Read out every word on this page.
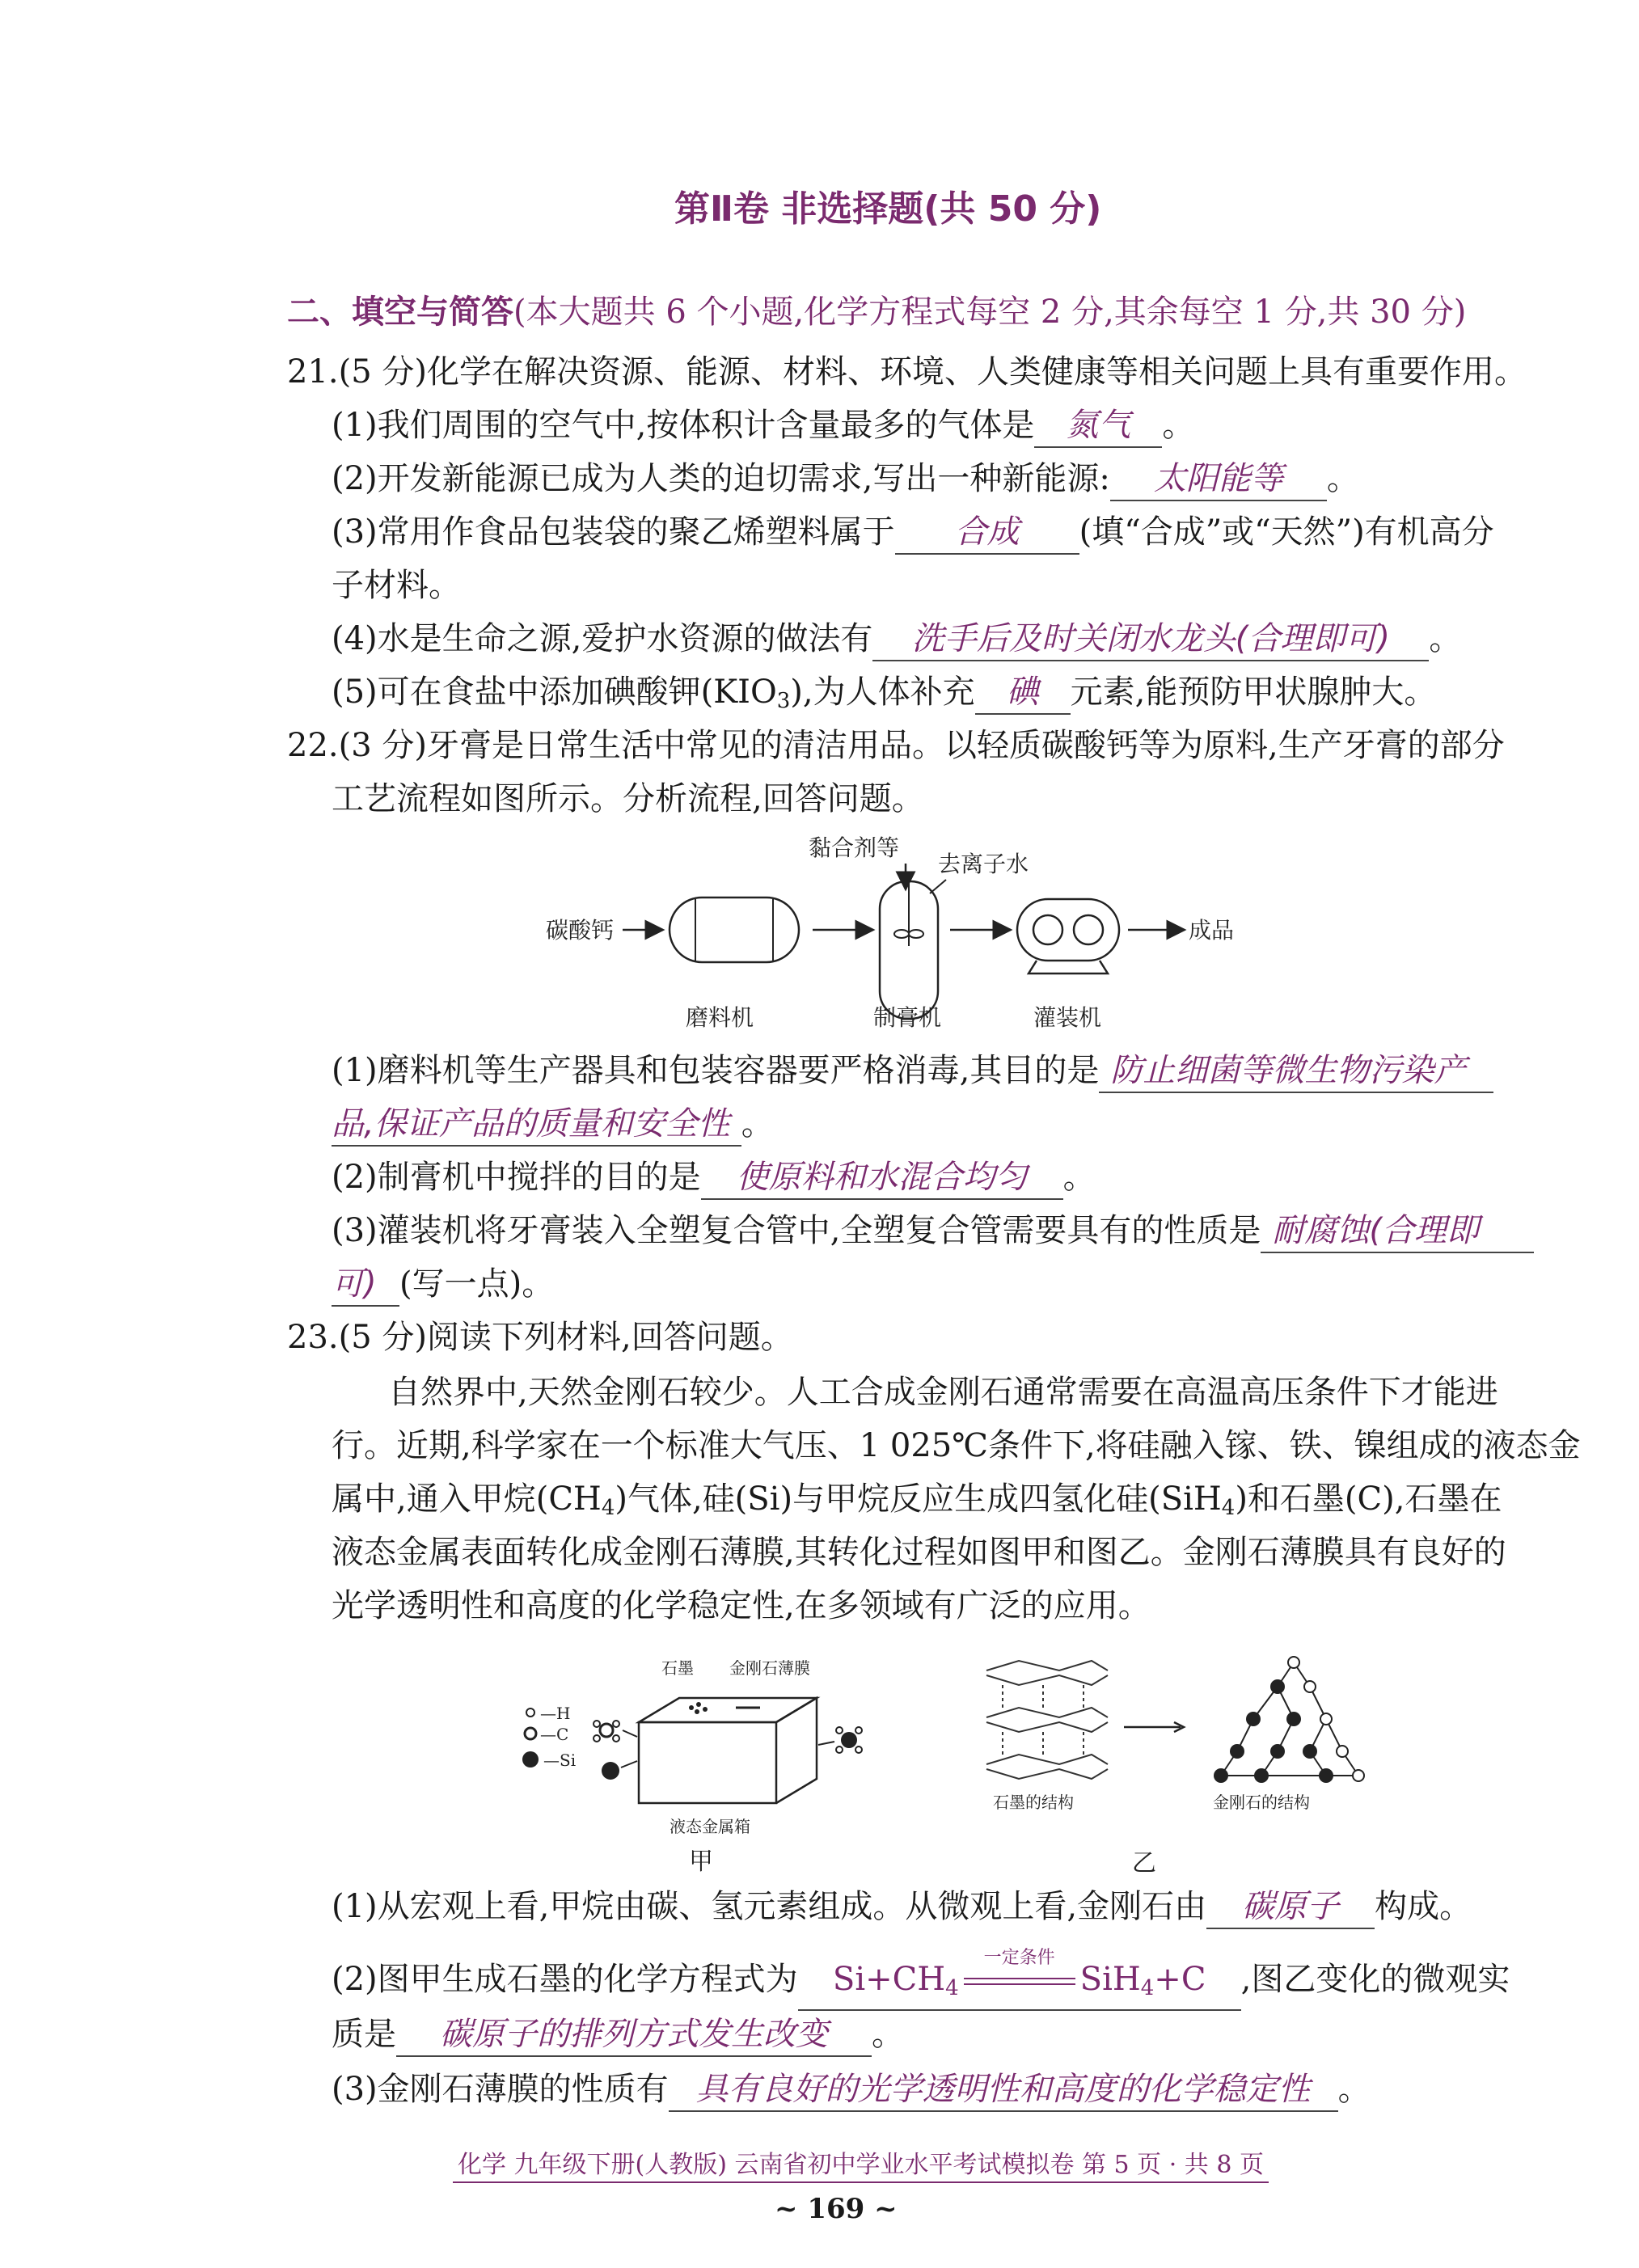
第Ⅱ卷 非选择题(共 50 分)
二、填空与简答(本大题共 6 个小题,化学方程式每空 2 分,其余每空 1 分,共 30 分)
21.(5 分)化学在解决资源、能源、材料、环境、人类健康等相关问题上具有重要作用。
(1)我们周围的空气中,按体积计含量最多的气体是 氮气 。
(2)开发新能源已成为人类的迫切需求,写出一种新能源: 太阳能等 。
(3)常用作食品包装袋的聚乙烯塑料属于 合成 (填“合成”或“天然”)有机高分
子材料。
(4)水是生命之源,爱护水资源的做法有 洗手后及时关闭水龙头(合理即可) 。
(5)可在食盐中添加碘酸钾$(KIO_3)$,为人体补充 碘 元素,能预防甲状腺肿大。
22.(3 分)牙膏是日常生活中常见的清洁用品。以轻质碳酸钙等为原料,生产牙膏的部分
工艺流程如图所示。分析流程,回答问题。
碳酸钙
黏合剂等
去离子水
成品
磨料机	制膏机	灌装机
(1)磨料机等生产器具和包装容器要严格消毒,其目的是 防止细菌等微生物污染产
品,保证产品的质量和安全性 。
(2)制膏机中搅拌的目的是 使原料和水混合均匀 。
(3)灌装机将牙膏装入全塑复合管中,全塑复合管需要具有的性质是 耐腐蚀(合理即
可) (写一点)。
23.(5 分)阅读下列材料,回答问题。
自然界中,天然金刚石较少。人工合成金刚石通常需要在高温高压条件下才能进
行。近期,科学家在一个标准大气压、1 025℃条件下,将硅融入镓、铁、镍组成的液态金
属中,通入甲烷$(CH_4)$气体,硅(Si)与甲烷反应生成四氢化硅(SiH$_4$)和石墨(C),石墨在
液态金属表面转化成金刚石薄膜,其转化过程如图甲和图乙。金刚石薄膜具有良好的
光学透明性和高度的化学稳定性,在多领域有广泛的应用。
—H
—C
—Si
石墨 金刚石薄膜
液态金属箱
甲
石墨的结构	金刚石的结构
乙
(1)从宏观上看,甲烷由碳、氢元素组成。从微观上看,金刚石由 碳原子 构成。
(2)图甲生成石墨的化学方程式为 $Si+CH_4$
一定条件
SiH$_4$+C ,图乙变化的微观实
质是 碳原子的排列方式发生改变 。
(3)金刚石薄膜的性质有 具有良好的光学透明性和高度的化学稳定性 。
化学 九年级下册(人教版) 云南省初中学业水平考试模拟卷 第 5 页 · 共 8 页
~ 169 ~
